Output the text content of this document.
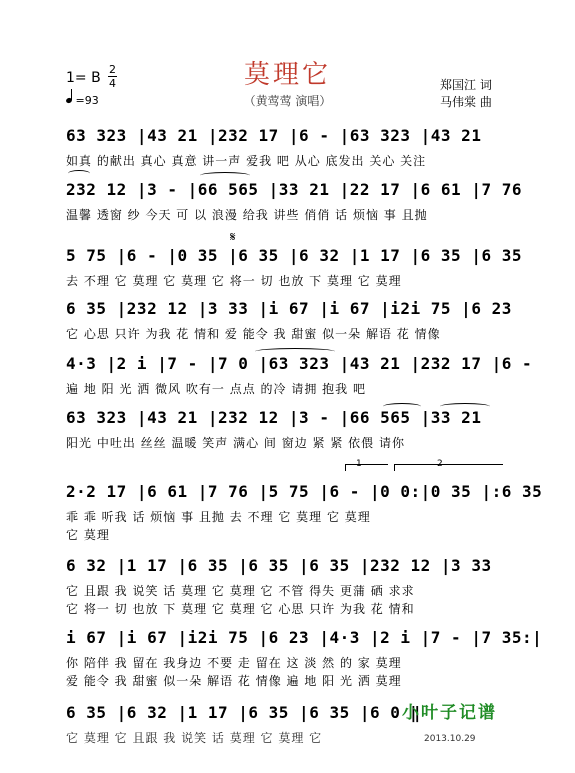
莫理它
（黄莺莺 演唱）
1= B
2
4
=93
郑国江 词
马伟棠 曲
63 323 |43 21 |232 17 |6 - |63 323 |43 21
如真 的献出 真心 真意 讲一声 爱我 吧 从心 底发出 关心 关注
232 12 |3 - |66 565 |33 21 |22 17 |6 61 |7 76
温馨 透窗 纱 今天 可 以 浪漫 给我 讲些 俏俏 话 烦恼 事 且抛
𝄋
5 75 |6 - |0 35 |6 35 |6 32 |1 17 |6 35 |6 35
去 不理 它 莫理 它 莫理 它 将一 切 也放 下 莫理 它 莫理
6 35 |232 12 |3 33 |i 67 |i 67 |i2i 75 |6 23
它 心思 只许 为我 花 情和 爱 能令 我 甜蜜 似一朵 解语 花 情像
4·3 |2 i |7 - |7 0 |63 323 |43 21 |232 17 |6 -
遍 地 阳 光 洒 微风 吹有一 点点 的冷 请拥 抱我 吧
63 323 |43 21 |232 12 |3 - |66 565 |33 21
阳光 中吐出 丝丝 温暖 笑声 满心 间 窗边 紧 紧 依偎 请你
1	2
2·2 17 |6 61 |7 76 |5 75 |6 - |0 0:|0 35 |:6 35
乖 乖 听我 话 烦恼 事 且抛 去 不理 它 莫理 它 莫理
它 莫理
6 32 |1 17 |6 35 |6 35 |6 35 |232 12 |3 33
它 且跟 我 说笑 话 莫理 它 莫理 它 不管 得失 更蒲 硒 求求
它 将一 切 也放 下 莫理 它 莫理 它 心思 只许 为我 花 情和
i 67 |i 67 |i2i 75 |6 23 |4·3 |2 i |7 - |7 35:|
你 陪伴 我 留在 我身边 不要 走 留在 这 淡 然 的 家 莫理
爱 能令 我 甜蜜 似一朵 解语 花 情像 遍 地 阳 光 洒 莫理
6 35 |6 32 |1 17 |6 35 |6 35 |6 0 ‖
它 莫理 它 且跟 我 说笑 话 莫理 它 莫理 它
小叶子记谱
2013.10.29
